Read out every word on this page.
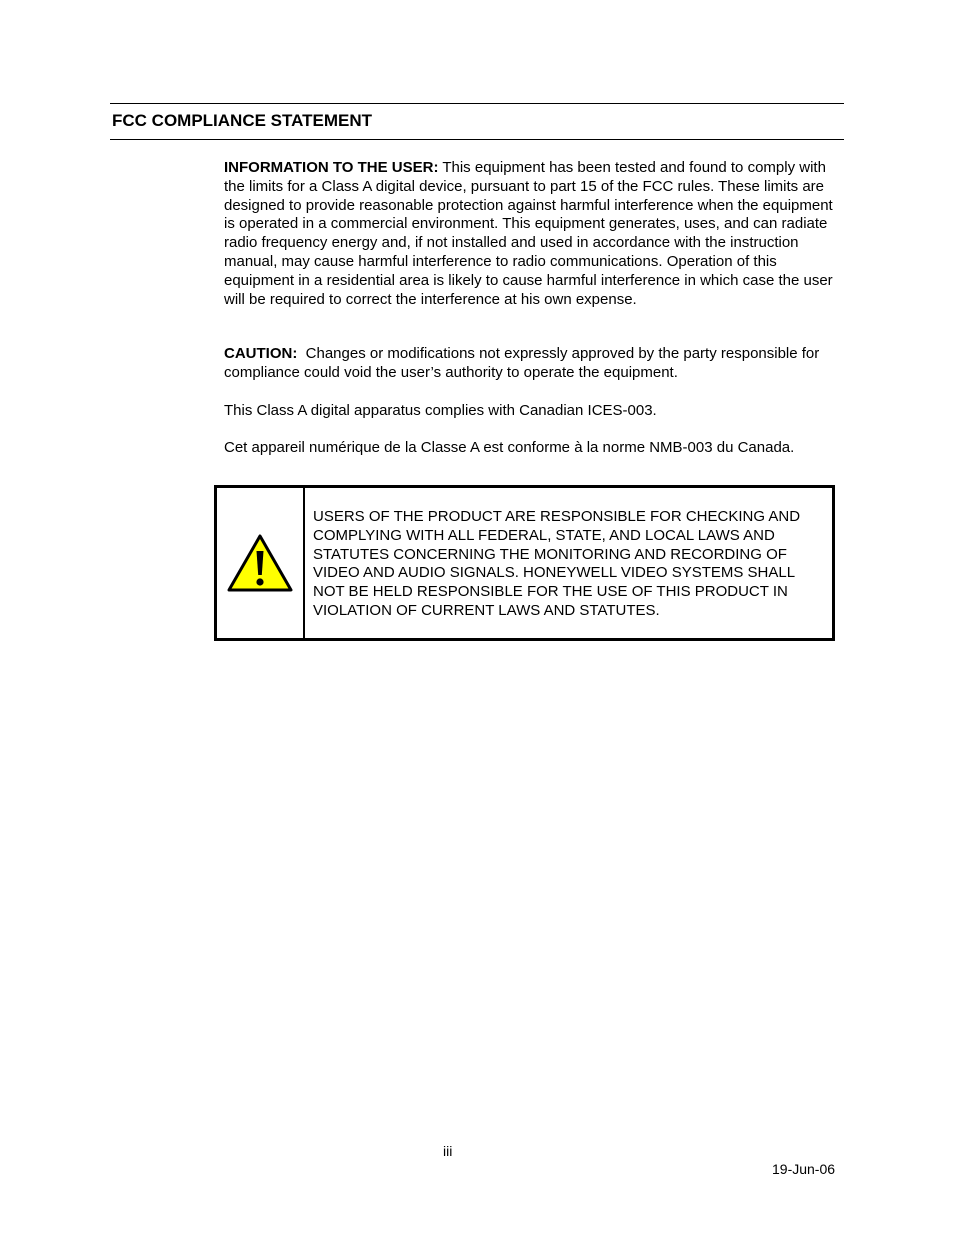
FCC COMPLIANCE STATEMENT

INFORMATION TO THE USER: This equipment has been tested and found to comply with the limits for a Class A digital device, pursuant to part 15 of the FCC rules. These limits are designed to provide reasonable protection against harmful interference when the equipment is operated in a commercial environment. This equipment generates, uses, and can radiate radio frequency energy and, if not installed and used in accordance with the instruction manual, may cause harmful interference to radio communications. Operation of this equipment in a residential area is likely to cause harmful interference in which case the user will be required to correct the interference at his own expense.

CAUTION:  Changes or modifications not expressly approved by the party responsible for compliance could void the user’s authority to operate the equipment.

This Class A digital apparatus complies with Canadian ICES-003.

Cet appareil numérique de la Classe A est conforme à la norme NMB-003 du Canada.

USERS OF THE PRODUCT ARE RESPONSIBLE FOR CHECKING AND COMPLYING WITH ALL FEDERAL, STATE, AND LOCAL LAWS AND STATUTES CONCERNING THE MONITORING AND RECORDING OF VIDEO AND AUDIO SIGNALS. HONEYWELL VIDEO SYSTEMS SHALL NOT BE HELD RESPONSIBLE FOR THE USE OF THIS PRODUCT IN VIOLATION OF CURRENT LAWS AND STATUTES.

iii
19-Jun-06
